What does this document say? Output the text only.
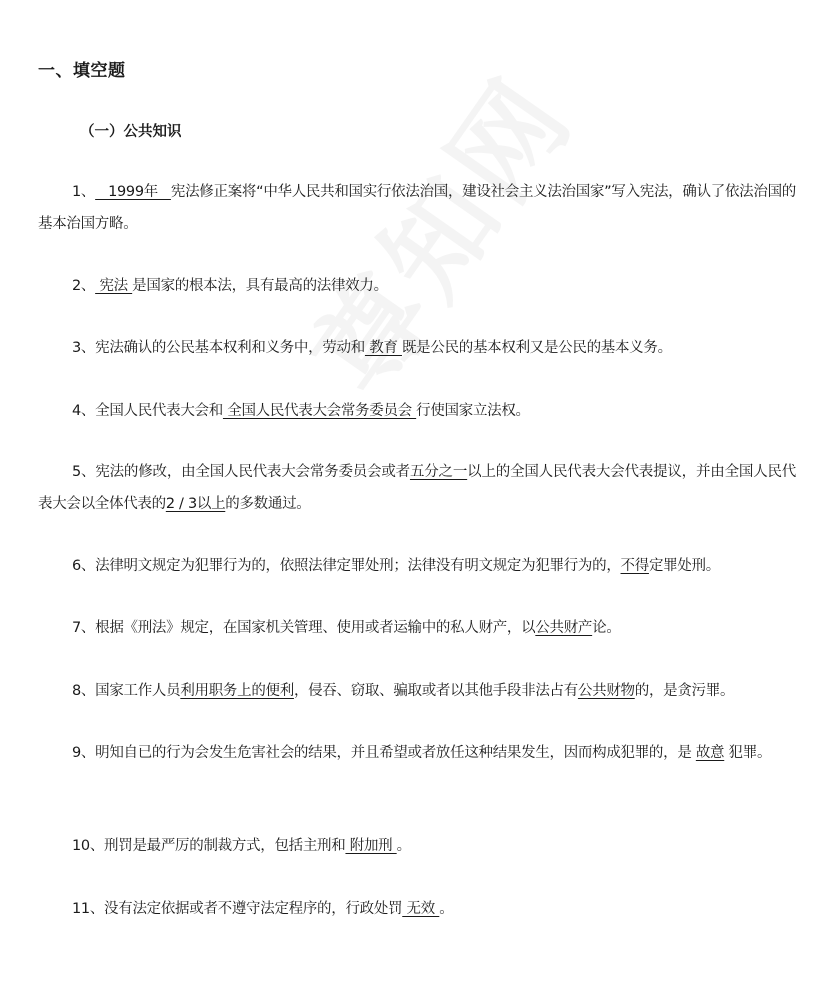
一、填空题
（一）公共知识

1、   1999年   宪法修正案将“中华人民共和国实行依法治国，建设社会主义法治国家”写入宪法，确认了依法治国的基本治国方略。

2、 宪法 是国家的根本法，具有最高的法律效力。

3、宪法确认的公民基本权利和义务中，劳动和 教育 既是公民的基本权利又是公民的基本义务。

4、全国人民代表大会和 全国人民代表大会常务委员会 行使国家立法权。

5、宪法的修改，由全国人民代表大会常务委员会或者五分之一以上的全国人民代表大会代表提议，并由全国人民代表大会以全体代表的2 / 3以上的多数通过。

6、法律明文规定为犯罪行为的，依照法律定罪处刑；法律没有明文规定为犯罪行为的，不得定罪处刑。

7、根据《刑法》规定，在国家机关管理、使用或者运输中的私人财产，以公共财产论。

8、国家工作人员利用职务上的便利，侵吞、窃取、骗取或者以其他手段非法占有公共财物的，是贪污罪。

9、明知自已的行为会发生危害社会的结果，并且希望或者放任这种结果发生，因而构成犯罪的，是 故意 犯罪。

10、刑罚是最严厉的制裁方式，包括主刑和 附加刑 。

11、没有法定依据或者不遵守法定程序的，行政处罚 无效 。
